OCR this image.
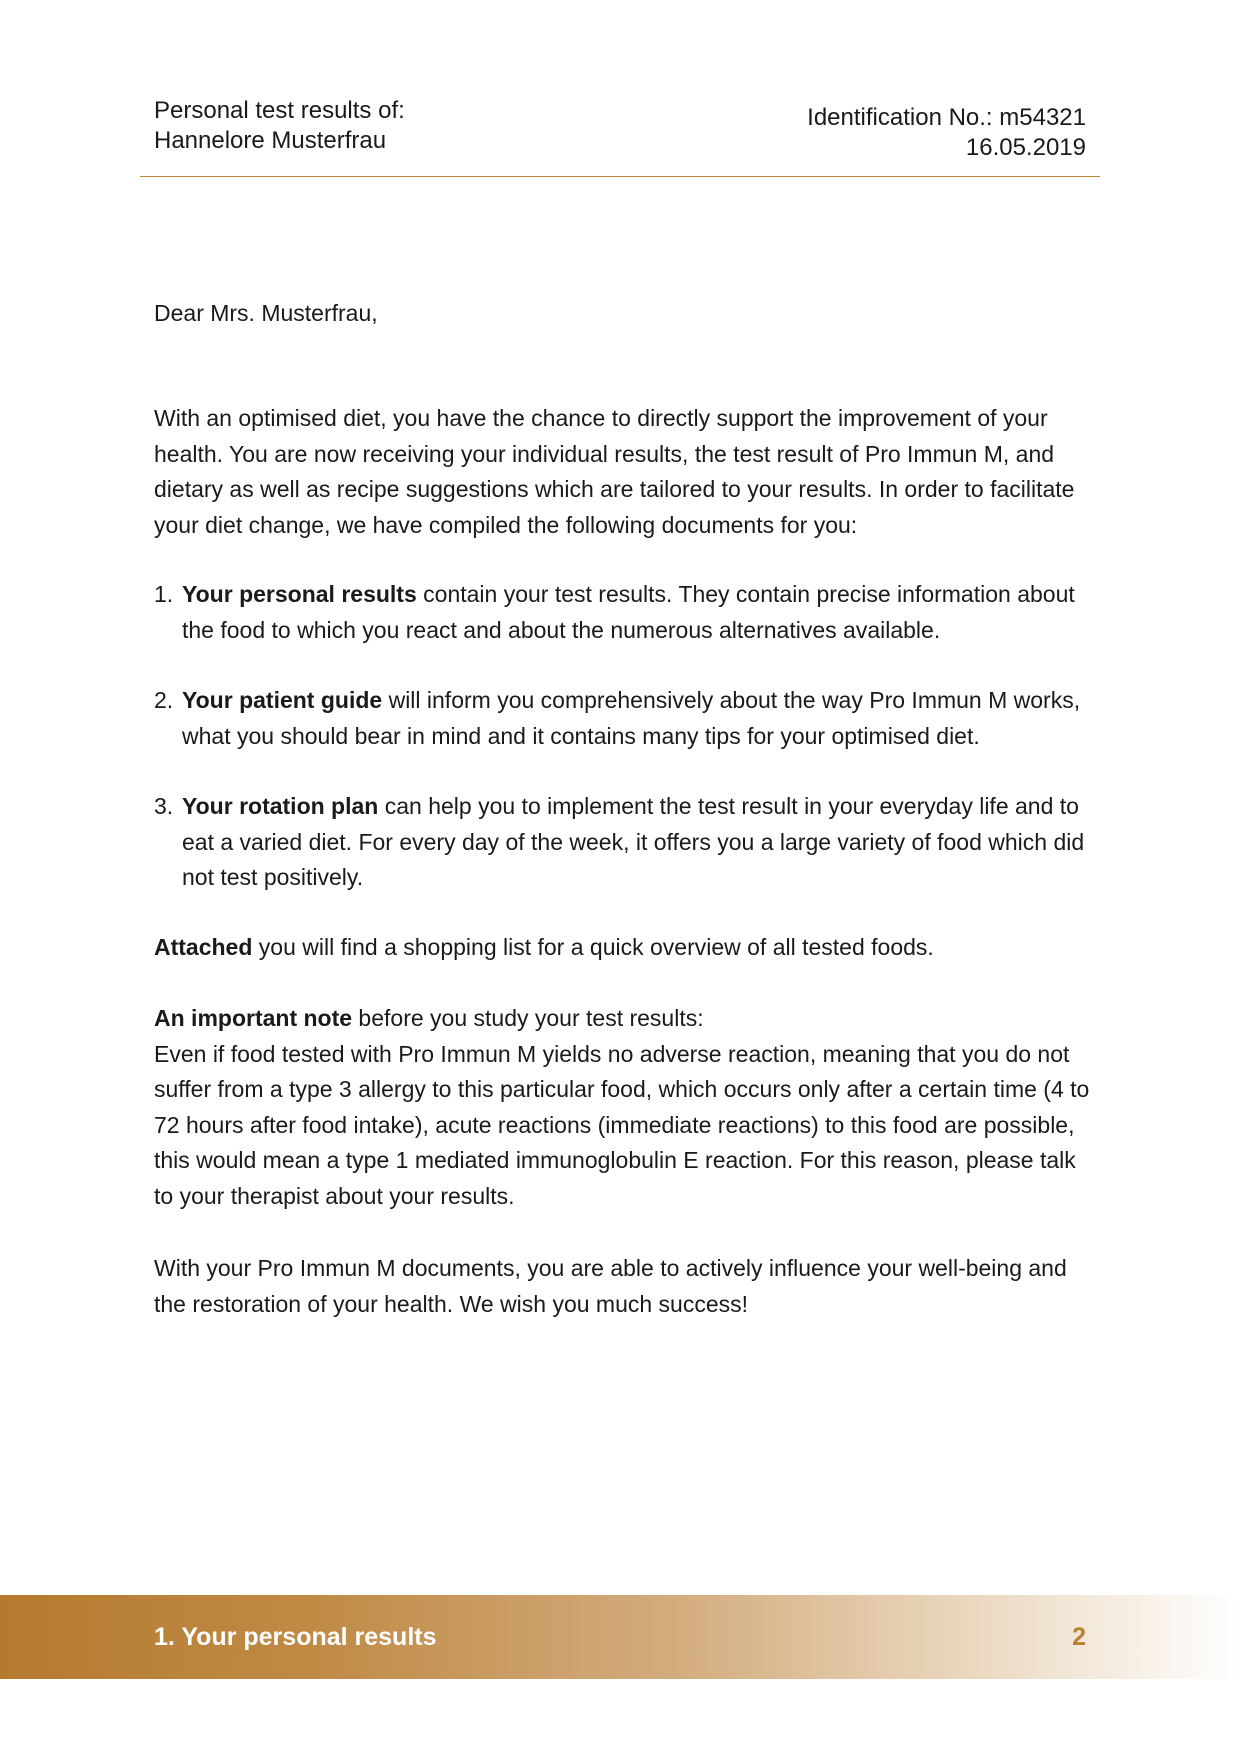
Personal test results of:
Hannelore Musterfrau
Identification No.: m54321
16.05.2019
Dear Mrs. Musterfrau,
With an optimised diet, you have the chance to directly support the improvement of your health. You are now receiving your individual results, the test result of Pro Immun M, and dietary as well as recipe suggestions which are tailored to your results. In order to facilitate your diet change, we have compiled the following documents for you:
1. Your personal results contain your test results. They contain precise information about the food to which you react and about the numerous alternatives available.
2. Your patient guide will inform you comprehensively about the way Pro Immun M works, what you should bear in mind and it contains many tips for your optimised diet.
3. Your rotation plan can help you to implement the test result in your everyday life and to eat a varied diet. For every day of the week, it offers you a large variety of food which did not test positively.
Attached you will find a shopping list for a quick overview of all tested foods.
An important note before you study your test results:
Even if food tested with Pro Immun M yields no adverse reaction, meaning that you do not suffer from a type 3 allergy to this particular food, which occurs only after a certain time (4 to 72 hours after food intake), acute reactions (immediate reactions) to this food are possible, this would mean a type 1 mediated immunoglobulin E reaction. For this reason, please talk to your therapist about your results.
With your Pro Immun M documents, you are able to actively influence your well-being and the restoration of your health. We wish you much success!
1. Your personal results	2
